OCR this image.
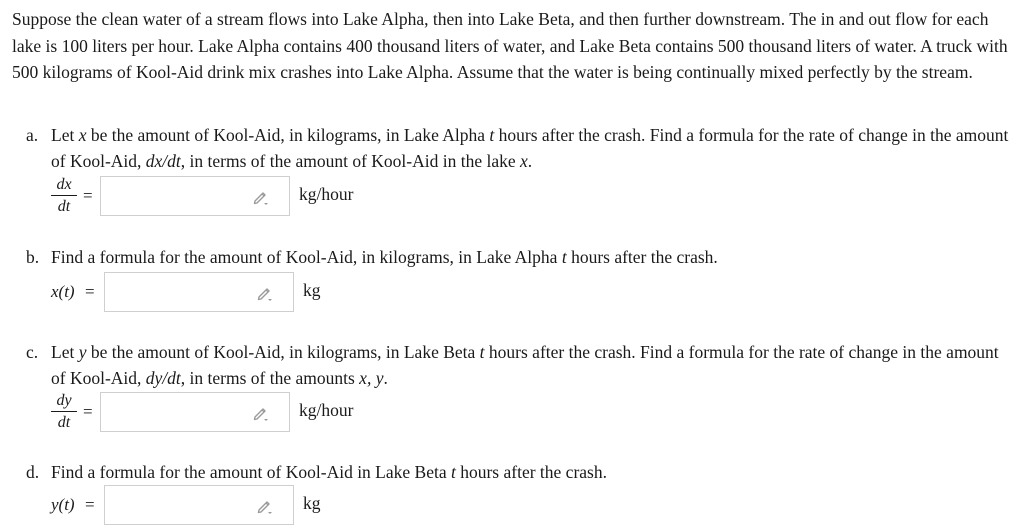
Suppose the clean water of a stream flows into Lake Alpha, then into Lake Beta, and then further downstream. The in and out flow for each lake is 100 liters per hour. Lake Alpha contains 400 thousand liters of water, and Lake Beta contains 500 thousand liters of water. A truck with 500 kilograms of Kool-Aid drink mix crashes into Lake Alpha. Assume that the water is being continually mixed perfectly by the stream.
a. Let x be the amount of Kool-Aid, in kilograms, in Lake Alpha t hours after the crash. Find a formula for the rate of change in the amount of Kool-Aid, dx/dt, in terms of the amount of Kool-Aid in the lake x.
$\frac{dx}{dt}$ =	kg/hour
b. Find a formula for the amount of Kool-Aid, in kilograms, in Lake Alpha t hours after the crash.
x(t) =	kg
c. Let y be the amount of Kool-Aid, in kilograms, in Lake Beta t hours after the crash. Find a formula for the rate of change in the amount of Kool-Aid, dy/dt, in terms of the amounts x, y.
$\frac{dy}{dt}$ =	kg/hour
d. Find a formula for the amount of Kool-Aid in Lake Beta t hours after the crash.
y(t) =	kg
